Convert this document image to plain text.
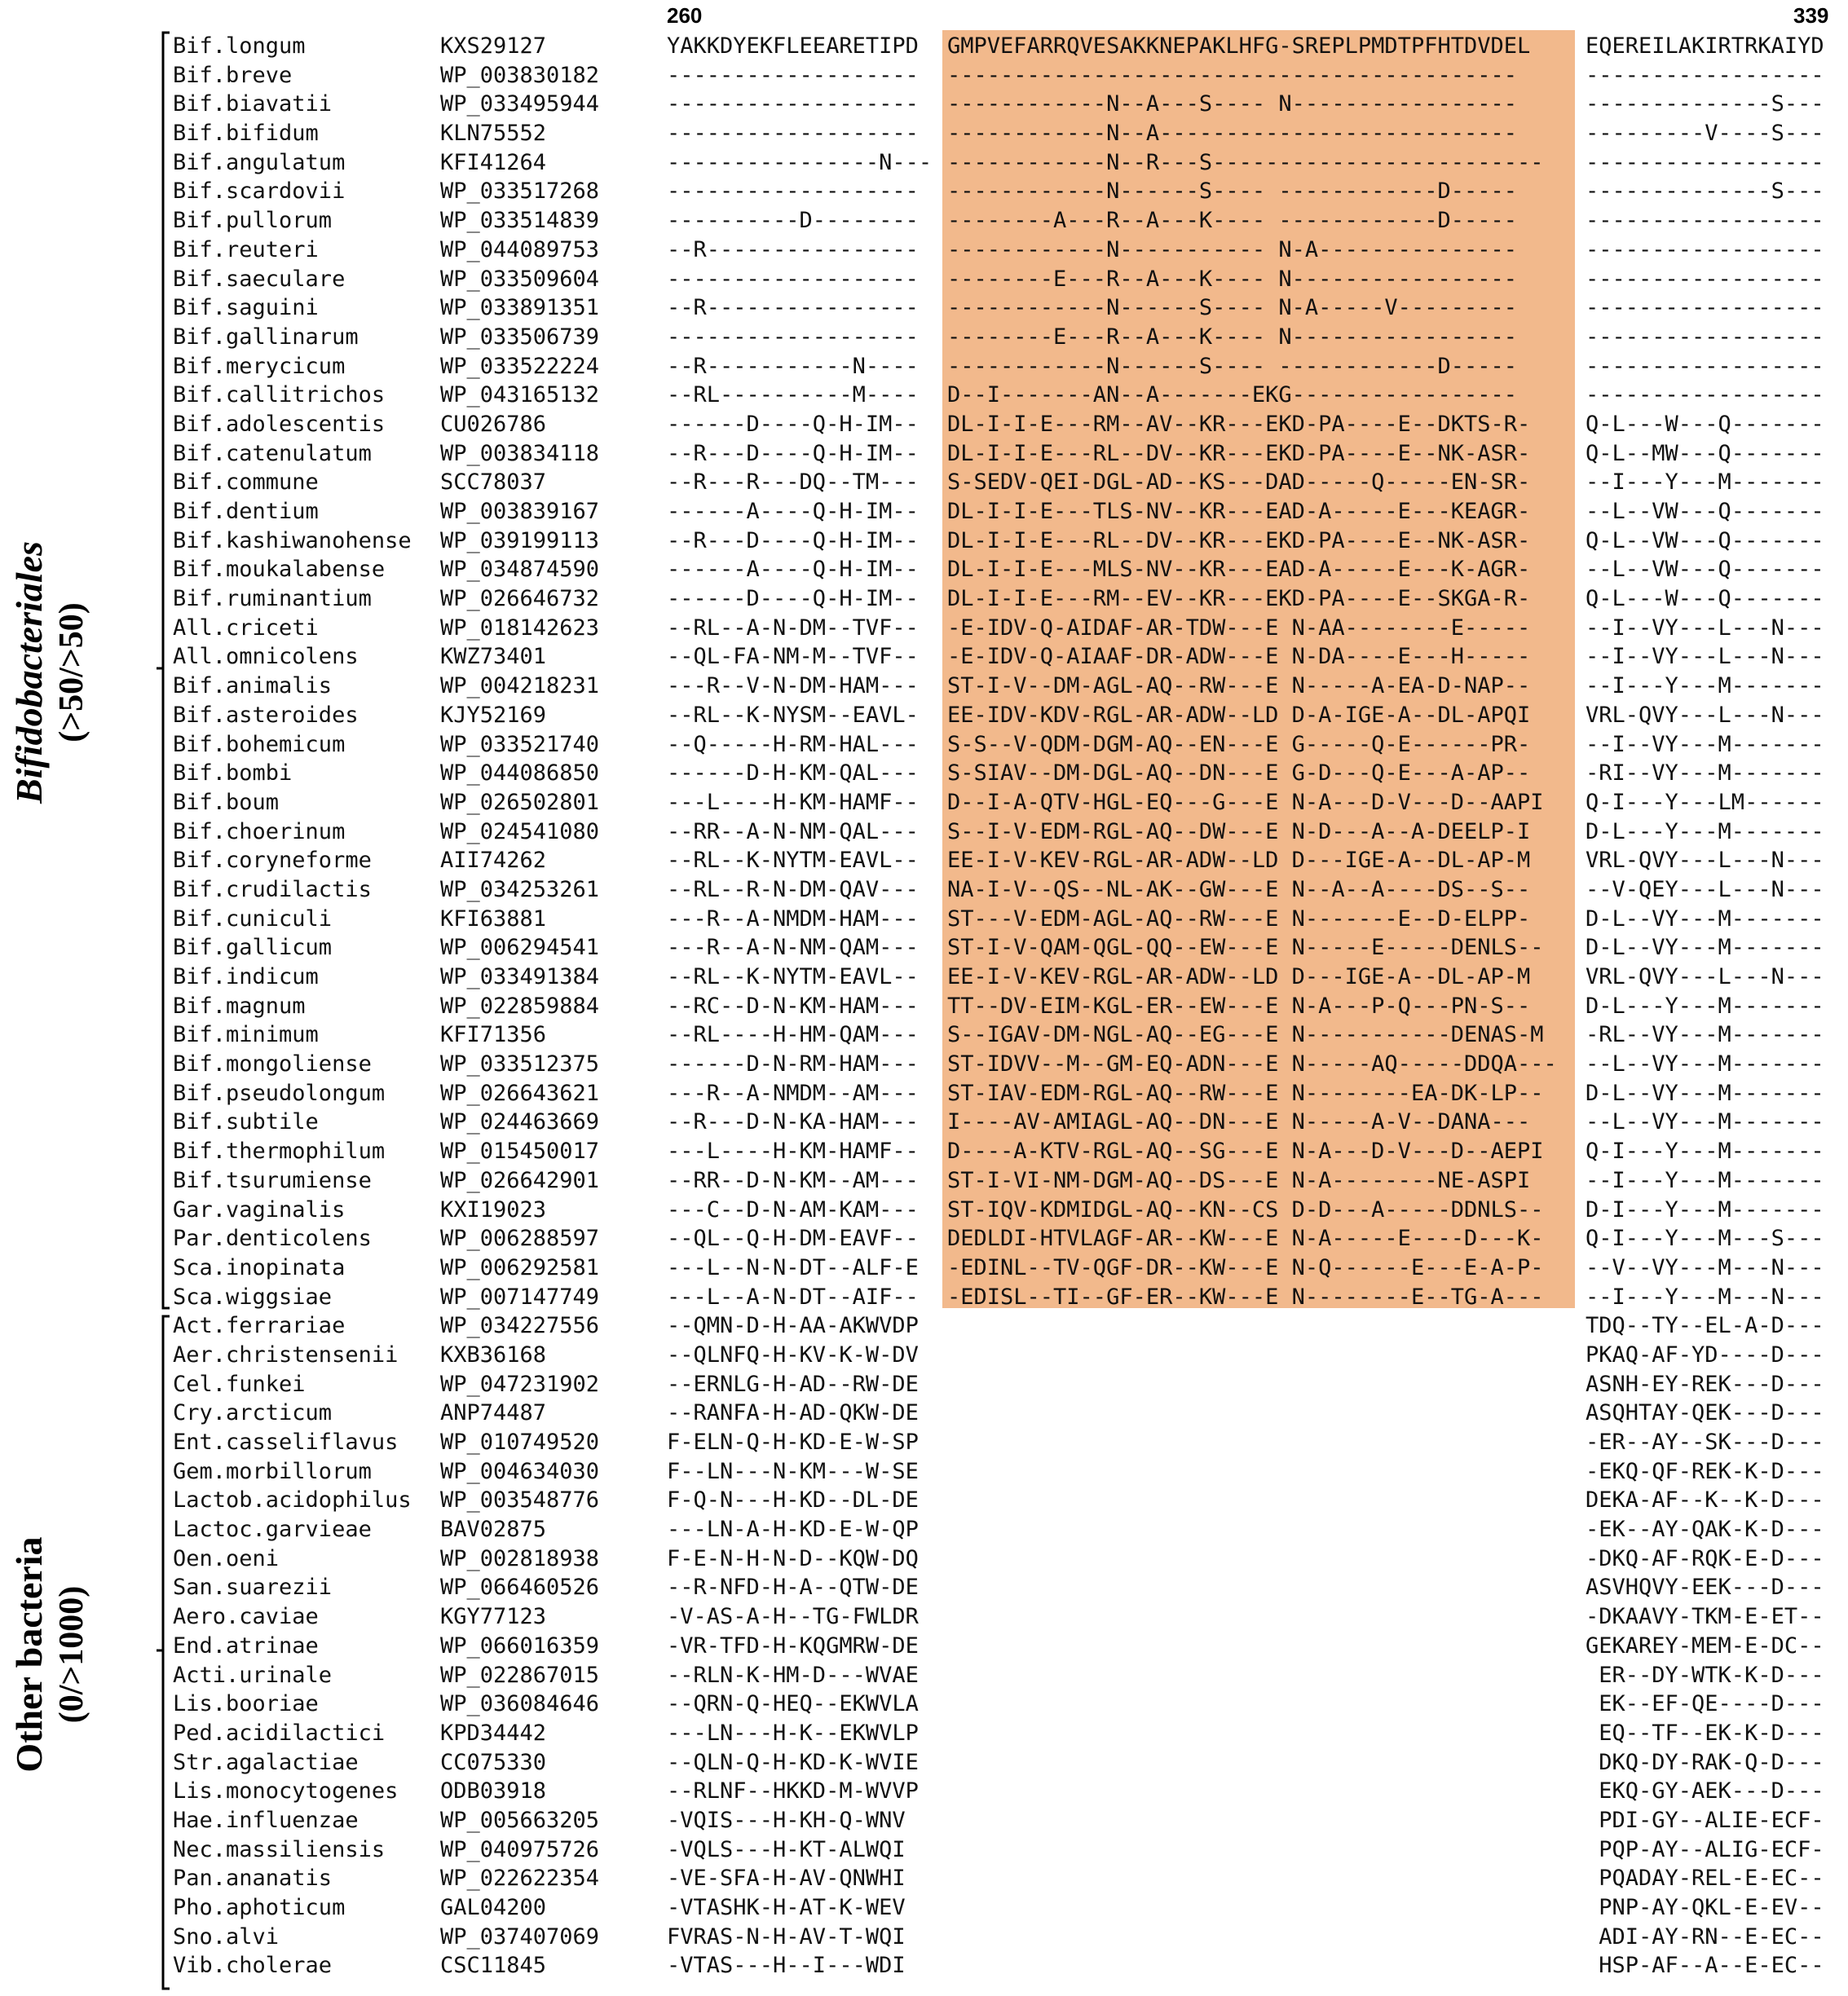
260	339
Bifidobacteriales (>50/>50)
Other bacteria (0/>1000)
Bif.longum	KXS29127	YAKKDYEKFLEEARETIPD GMPVEFARRQVESAKKNEPAKLHFG-SREPLPMDTPFHTDVDEL	EQEREILAKIRTRKAIYD
Bif.breve	WP_003830182	------------------- -------------------------------------------	------------------
Bif.biavatii	WP_033495944	------------------- ------------N--A---S---- N-----------------	--------------S---
Bif.bifidum	KLN75552	------------------- ------------N--A---------------------------	---------V----S---
Bif.angulatum	KFI41264	----------------N--- ------------N--R---S------------------------- ------------------
Bif.scardovii	WP_033517268	------------------- ------------N------S---- ------------D-----	--------------S---
Bif.pullorum	WP_033514839	----------D-------- --------A---R--A---K---- ------------D-----	------------------
Bif.reuteri	WP_044089753	--R---------------- ------------N----------- N-A---------------	------------------
Bif.saeculare	WP_033509604	------------------- --------E---R--A---K---- N-----------------	------------------
Bif.saguini	WP_033891351	--R---------------- ------------N------S---- N-A-----V---------	------------------
Bif.gallinarum	WP_033506739	------------------- --------E---R--A---K---- N-----------------	------------------
Bif.merycicum	WP_033522224	--R-----------N---- ------------N------S---- ------------D-----	------------------
Bif.callitrichos	WP_043165132	--RL----------M---- D--I-------AN--A-------EKG-----------------	------------------
Bif.adolescentis	CU026786	------D----Q-H-IM-- DL-I-I-E---RM--AV--KR---EKD-PA----E--DKTS-R-	Q-L---W---Q-------
Bif.catenulatum	WP_003834118	--R---D----Q-H-IM-- DL-I-I-E---RL--DV--KR---EKD-PA----E--NK-ASR-	Q-L--MW---Q-------
Bif.commune	SCC78037	--R---R---DQ--TM--- S-SEDV-QEI-DGL-AD--KS---DAD-----Q-----EN-SR-	--I---Y---M-------
Bif.dentium	WP_003839167	------A----Q-H-IM-- DL-I-I-E---TLS-NV--KR---EAD-A-----E---KEAGR-	--L--VW---Q-------
Bif.kashiwanohense WP_039199113	--R---D----Q-H-IM-- DL-I-I-E---RL--DV--KR---EKD-PA----E--NK-ASR-	Q-L--VW---Q-------
Bif.moukalabense	WP_034874590	------A----Q-H-IM-- DL-I-I-E---MLS-NV--KR---EAD-A-----E---K-AGR-	--L--VW---Q-------
Bif.ruminantium	WP_026646732	------D----Q-H-IM-- DL-I-I-E---RM--EV--KR---EKD-PA----E--SKGA-R-	Q-L---W---Q-------
All.criceti	WP_018142623	--RL--A-N-DM--TVF-- -E-IDV-Q-AIDAF-AR-TDW---E N-AA--------E-----	--I--VY---L---N---
All.omnicolens	KWZ73401	--QL-FA-NM-M--TVF-- -E-IDV-Q-AIAAF-DR-ADW---E N-DA----E---H-----	--I--VY---L---N---
Bif.animalis	WP_004218231	---R--V-N-DM-HAM--- ST-I-V--DM-AGL-AQ--RW---E N-----A-EA-D-NAP--	--I---Y---M-------
Bif.asteroides	KJY52169	--RL--K-NYSM--EAVL- EE-IDV-KDV-RGL-AR-ADW--LD D-A-IGE-A--DL-APQI	VRL-QVY---L---N---
Bif.bohemicum	WP_033521740	--Q-----H-RM-HAL--- S-S--V-QDM-DGM-AQ--EN---E G-----Q-E------PR-	--I--VY---M-------
Bif.bombi	WP_044086850	------D-H-KM-QAL--- S-SIAV--DM-DGL-AQ--DN---E G-D---Q-E---A-AP--	-RI--VY---M-------
Bif.boum	WP_026502801	---L----H-KM-HAMF-- D--I-A-QTV-HGL-EQ---G---E N-A---D-V---D--AAPI Q-I---Y---LM------
Bif.choerinum	WP_024541080	--RR--A-N-NM-QAL--- S--I-V-EDM-RGL-AQ--DW---E N-D---A--A-DEELP-I	D-L---Y---M-------
Bif.coryneforme	AII74262	--RL--K-NYTM-EAVL-- EE-I-V-KEV-RGL-AR-ADW--LD D---IGE-A--DL-AP-M	VRL-QVY---L---N---
Bif.crudilactis	WP_034253261	--RL--R-N-DM-QAV--- NA-I-V--QS--NL-AK--GW---E N--A--A----DS--S--	--V-QEY---L---N---
Bif.cuniculi	KFI63881	---R--A-NMDM-HAM--- ST---V-EDM-AGL-AQ--RW---E N-------E--D-ELPP-	D-L--VY---M-------
Bif.gallicum	WP_006294541	---R--A-N-NM-QAM--- ST-I-V-QAM-QGL-QQ--EW---E N-----E-----DENLS-- D-L--VY---M-------
Bif.indicum	WP_033491384	--RL--K-NYTM-EAVL-- EE-I-V-KEV-RGL-AR-ADW--LD D---IGE-A--DL-AP-M	VRL-QVY---L---N---
Bif.magnum	WP_022859884	--RC--D-N-KM-HAM--- TT--DV-EIM-KGL-ER--EW---E N-A---P-Q---PN-S--	D-L---Y---M-------
Bif.minimum	KFI71356	--RL----H-HM-QAM--- S--IGAV-DM-NGL-AQ--EG---E N-----------DENAS-M -RL--VY---M-------
Bif.mongoliense	WP_033512375	------D-N-RM-HAM--- ST-IDVV--M--GM-EQ-ADN---E N-----AQ-----DDQA--- --L--VY---M-------
Bif.pseudolongum	WP_026643621	---R--A-NMDM--AM--- ST-IAV-EDM-RGL-AQ--RW---E N--------EA-DK-LP-- D-L--VY---M-------
Bif.subtile	WP_024463669	--R---D-N-KA-HAM--- I----AV-AMIAGL-AQ--DN---E N-----A-V--DANA---	--L--VY---M-------
Bif.thermophilum	WP_015450017	---L----H-KM-HAMF-- D----A-KTV-RGL-AQ--SG---E N-A---D-V---D--AEPI Q-I---Y---M-------
Bif.tsurumiense	WP_026642901	--RR--D-N-KM--AM--- ST-I-VI-NM-DGM-AQ--DS---E N-A--------NE-ASPI	--I---Y---M-------
Gar.vaginalis	KXI19023	---C--D-N-AM-KAM--- ST-IQV-KDMIDGL-AQ--KN--CS D-D---A-----DDNLS-- D-I---Y---M-------
Par.denticolens	WP_006288597	--QL--Q-H-DM-EAVF-- DEDLDI-HTVLAGF-AR--KW---E N-A-----E----D---K- Q-I---Y---M---S---
Sca.inopinata	WP_006292581	---L--N-N-DT--ALF-E -EDINL--TV-QGF-DR--KW---E N-Q------E---E-A-P- --V--VY---M---N---
Sca.wiggsiae	WP_007147749	---L--A-N-DT--AIF-- -EDISL--TI--GF-ER--KW---E N--------E--TG-A--- --I---Y---M---N---
Act.ferrariae	WP_034227556	--QMN-D-H-AA-AKWVDP	TDQ--TY--EL-A-D---
Aer.christensenii KXB36168	--QLNFQ-H-KV-K-W-DV	PKAQ-AF-YD----D---
Cel.funkei	WP_047231902	--ERNLG-H-AD--RW-DE	ASNH-EY-REK---D---
Cry.arcticum	ANP74487	--RANFA-H-AD-QKW-DE	ASQHTAY-QEK---D---
Ent.casseliflavus WP_010749520	F-ELN-Q-H-KD-E-W-SP	-ER--AY--SK---D---
Gem.morbillorum	WP_004634030	F--LN---N-KM---W-SE	-EKQ-QF-REK-K-D---
Lactob.acidophilus WP_003548776	F-Q-N---H-KD--DL-DE	DEKA-AF--K--K-D---
Lactoc.garvieae	BAV02875	---LN-A-H-KD-E-W-QP	-EK--AY-QAK-K-D---
Oen.oeni	WP_002818938	F-E-N-H-N-D--KQW-DQ	-DKQ-AF-RQK-E-D---
San.suarezii	WP_066460526	--R-NFD-H-A--QTW-DE	ASVHQVY-EEK---D---
Aero.caviae	KGY77123	-V-AS-A-H--TG-FWLDR	-DKAAVY-TKM-E-ET--
End.atrinae	WP_066016359	-VR-TFD-H-KQGMRW-DE	GEKAREY-MEM-E-DC--
Acti.urinale	WP_022867015	--RLN-K-HM-D---WVAE	ER--DY-WTK-K-D---
Lis.booriae	WP_036084646	--QRN-Q-HEQ--EKWVLA	EK--EF-QE----D---
Ped.acidilactici	KPD34442	---LN---H-K--EKWVLP	EQ--TF--EK-K-D---
Str.agalactiae	CC075330	--QLN-Q-H-KD-K-WVIE	DKQ-DY-RAK-Q-D---
Lis.monocytogenes ODB03918	--RLNF--HKKD-M-WVVP	EKQ-GY-AEK---D---
Hae.influenzae	WP_005663205	-VQIS---H-KH-Q-WNV	PDI-GY--ALIE-ECF-
Nec.massiliensis	WP_040975726	-VQLS---H-KT-ALWQI	PQP-AY--ALIG-ECF-
Pan.ananatis	WP_022622354	-VE-SFA-H-AV-QNWHI	PQADAY-REL-E-EC--
Pho.aphoticum	GAL04200	-VTASHK-H-AT-K-WEV	PNP-AY-QKL-E-EV--
Sno.alvi	WP_037407069	FVRAS-N-H-AV-T-WQI	ADI-AY-RN--E-EC--
Vib.cholerae	CSC11845	-VTAS---H--I---WDI	HSP-AF--A--E-EC--
